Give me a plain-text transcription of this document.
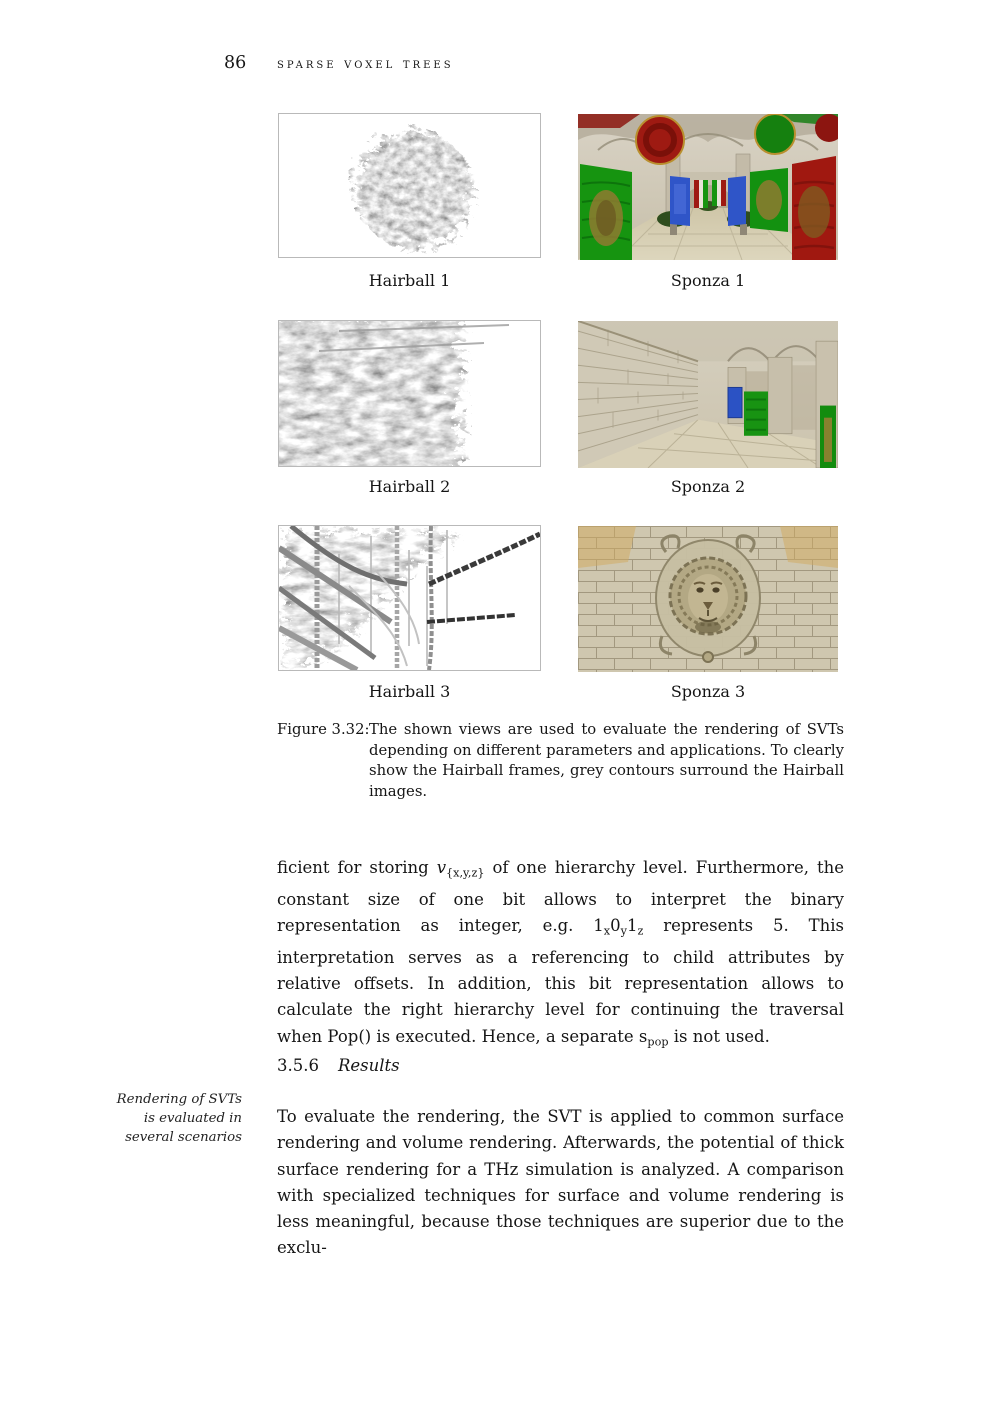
86 sparse voxel trees
Hairball 1	Sponza 1
Hairball 2	Sponza 2
Hairball 3	Sponza 3
Figure 3.32: The shown views are used to evaluate the rendering of SVTs depending on different parameters and applications. To clearly show the Hairball frames, grey contours surround the Hairball images.
ficient for storing $v_{\{x,y,z\}}$ of one hierarchy level. Furthermore, the constant size of one bit allows to interpret the binary representation as integer, e.g. $1_x0_y1_z$ represents 5. This interpretation serves as a referencing to child attributes by relative offsets. In addition, this bit representation allows to calculate the right hierarchy level for continuing the traversal when Pop() is executed. Hence, a separate $s_{pop}$ is not used.
3.5.6 Results
Rendering of SVTs is evaluated in several scenarios
To evaluate the rendering, the SVT is applied to common surface rendering and volume rendering. Afterwards, the potential of thick surface rendering for a THz simulation is analyzed. A comparison with specialized techniques for surface and volume rendering is less meaningful, because those techniques are superior due to the exclu-
